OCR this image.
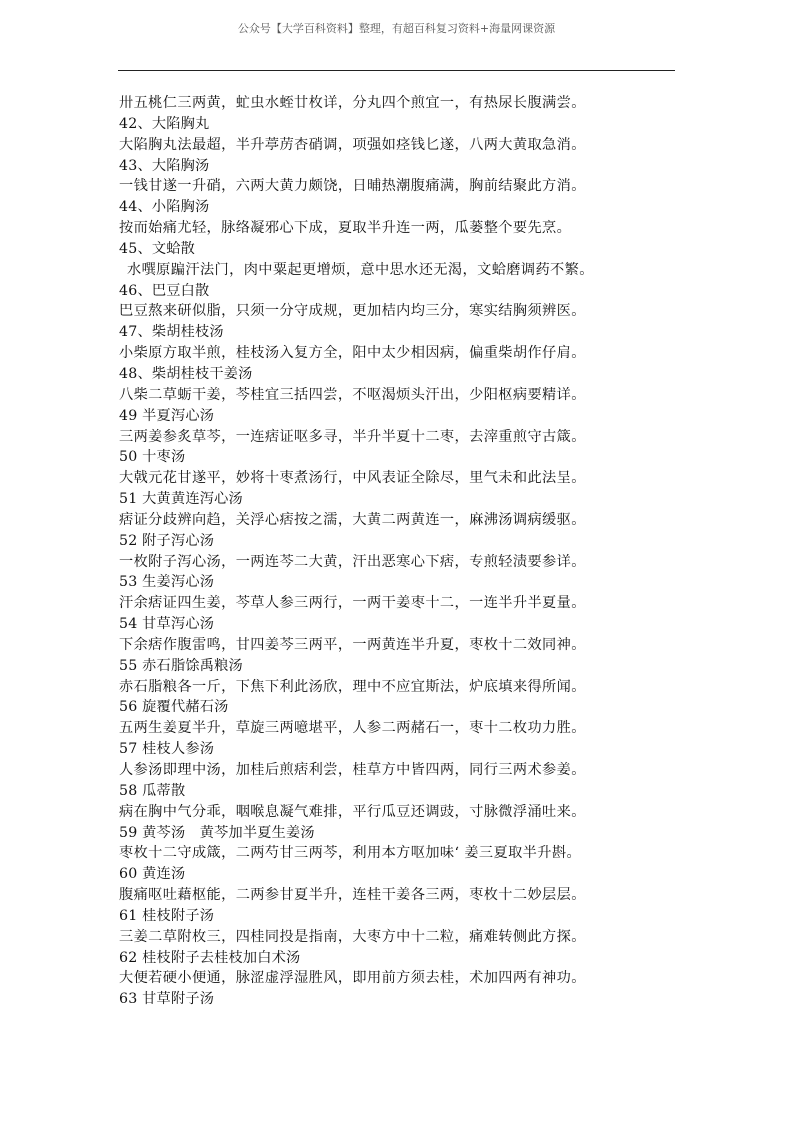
公众号【大学百科资料】整理，有超百科复习资料+海量网课资源
卅五桃仁三两黄，虻虫水蛭廿枚详，分丸四个煎宜一，有热尿长腹满尝。
42、大陷胸丸
大陷胸丸法最超，半升葶苈杏硝调，项强如痉钱匕遂，八两大黄取急消。
43、大陷胸汤
一钱甘遂一升硝，六两大黄力颇饶，日晡热潮腹痛满，胸前结聚此方消。
44、小陷胸汤
按而始痛尤轻，脉络凝邪心下成，夏取半升连一两，瓜蒌整个要先烹。
45、文蛤散
水噀原蹁汗法门，肉中粟起更增烦，意中思水还无渴，文蛤磨调药不繁。
46、巴豆白散
巴豆熬来研似脂，只须一分守成规，更加桔内均三分，寒实结胸须辨医。
47、柴胡桂枝汤
小柴原方取半煎，桂枝汤入复方全，阳中太少相因病，偏重柴胡作仔肩。
48、柴胡桂枝干姜汤
八柴二草蛎干姜，芩桂宜三括四尝，不呕渴烦头汗出，少阳枢病要精详。
49 半夏泻心汤
三两姜参炙草芩，一连痞证呕多寻，半升半夏十二枣，去滓重煎守古箴。
50 十枣汤
大戟元花甘遂平，妙将十枣煮汤行，中风表证全除尽，里气未和此法呈。
51 大黄黄连泻心汤
痞证分歧辨向趋，关浮心痞按之濡，大黄二两黄连一，麻沸汤调病缓驱。
52 附子泻心汤
一枚附子泻心汤，一两连芩二大黄，汗出恶寒心下痞，专煎轻渍要参详。
53 生姜泻心汤
汗余痞证四生姜，芩草人参三两行，一两干姜枣十二，一连半升半夏量。
54 甘草泻心汤
下余痞作腹雷鸣，甘四姜芩三两平，一两黄连半升夏，枣枚十二效同神。
55 赤石脂馀禹粮汤
赤石脂粮各一斤，下焦下利此汤欣，理中不应宜斯法，炉底填来得所闻。
56 旋覆代赭石汤
五两生姜夏半升，草旋三两噫堪平，人参二两赭石一，枣十二枚功力胜。
57 桂枝人参汤
人参汤即理中汤，加桂后煎痞利尝，桂草方中皆四两，同行三两术参姜。
58 瓜蒂散
病在胸中气分乖，咽喉息凝气难排，平行瓜豆还调豉，寸脉微浮涌吐来。
59 黄芩汤　黄芩加半夏生姜汤
枣枚十二守成箴，二两芍甘三两芩，利用本方呕加味‘ 姜三夏取半升斟。
60 黄连汤
腹痛呕吐藉枢能，二两参甘夏半升，连桂干姜各三两，枣枚十二妙层层。
61 桂枝附子汤
三姜二草附枚三，四桂同投是指南，大枣方中十二粒，痛难转侧此方探。
62 桂枝附子去桂枝加白术汤
大便若硬小便通，脉涩虚浮湿胜风，即用前方须去桂，术加四两有神功。
63 甘草附子汤
